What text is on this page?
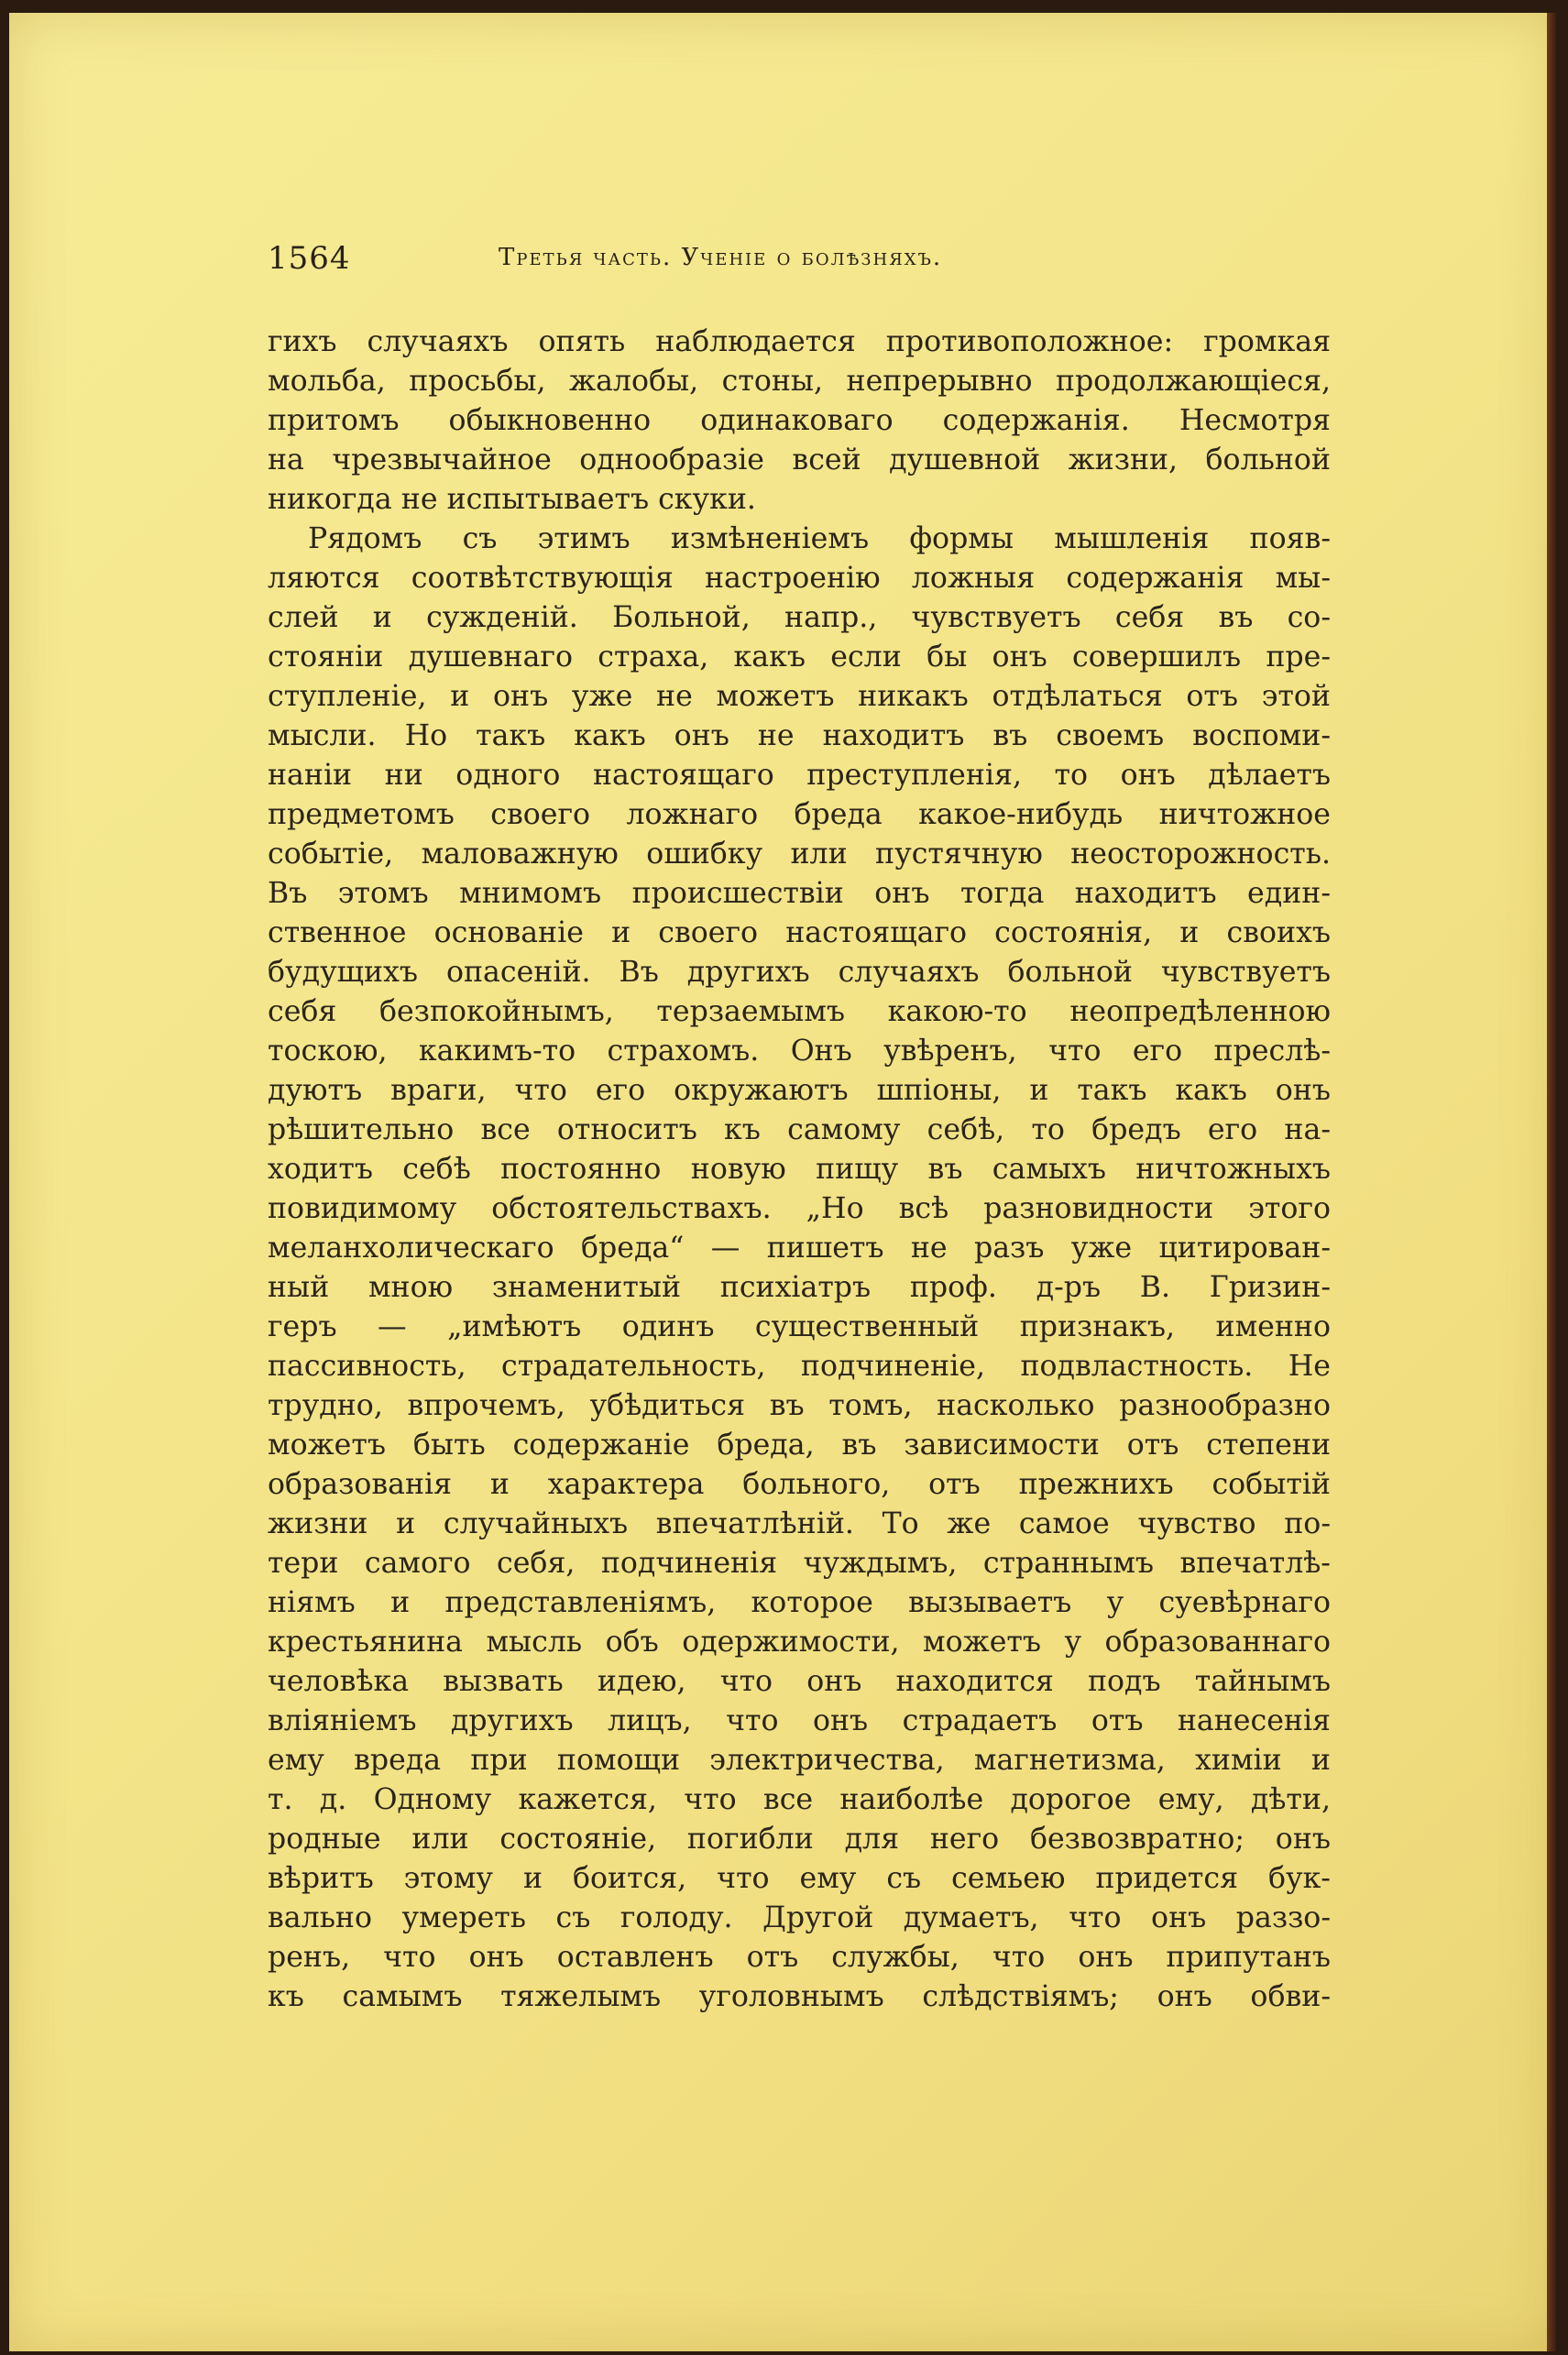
1564	Третья часть. Ученіе о болѣзняхъ.
гихъ случаяхъ опять наблюдается противоположное: громкая
мольба, просьбы, жалобы, стоны, непрерывно продолжающіеся,
притомъ обыкновенно одинаковаго содержанія. Несмотря
на чрезвычайное однообразіе всей душевной жизни, больной
никогда не испытываетъ скуки.
Рядомъ съ этимъ измѣненіемъ формы мышленія появ-
ляются соотвѣтствующія настроенію ложныя содержанія мы-
слей и сужденій. Больной, напр., чувствуетъ себя въ со-
стояніи душевнаго страха, какъ если бы онъ совершилъ пре-
ступленіе, и онъ уже не можетъ никакъ отдѣлаться отъ этой
мысли. Но такъ какъ онъ не находитъ въ своемъ воспоми-
наніи ни одного настоящаго преступленія, то онъ дѣлаетъ
предметомъ своего ложнаго бреда какое-нибудь ничтожное
событіе, маловажную ошибку или пустячную неосторожность.
Въ этомъ мнимомъ происшествіи онъ тогда находитъ един-
ственное основаніе и своего настоящаго состоянія, и своихъ
будущихъ опасеній. Въ другихъ случаяхъ больной чувствуетъ
себя безпокойнымъ, терзаемымъ какою-то неопредѣленною
тоскою, какимъ-то страхомъ. Онъ увѣренъ, что его преслѣ-
дуютъ враги, что его окружаютъ шпіоны, и такъ какъ онъ
рѣшительно все относитъ къ самому себѣ, то бредъ его на-
ходитъ себѣ постоянно новую пищу въ самыхъ ничтожныхъ
повидимому обстоятельствахъ. „Но всѣ разновидности этого
меланхолическаго бреда“ — пишетъ не разъ уже цитирован-
ный мною знаменитый психіатръ проф. д-ръ В. Гризин-
геръ — „имѣютъ одинъ существенный признакъ, именно
пассивность, страдательность, подчиненіе, подвластность. Не
трудно, впрочемъ, убѣдиться въ томъ, насколько разнообразно
можетъ быть содержаніе бреда, въ зависимости отъ степени
образованія и характера больного, отъ прежнихъ событій
жизни и случайныхъ впечатлѣній. То же самое чувство по-
тери самого себя, подчиненія чуждымъ, страннымъ впечатлѣ-
ніямъ и представленіямъ, которое вызываетъ у суевѣрнаго
крестьянина мысль объ одержимости, можетъ у образованнаго
человѣка вызвать идею, что онъ находится подъ тайнымъ
вліяніемъ другихъ лицъ, что онъ страдаетъ отъ нанесенія
ему вреда при помощи электричества, магнетизма, химіи и
т. д. Одному кажется, что все наиболѣе дорогое ему, дѣти,
родные или состояніе, погибли для него безвозвратно; онъ
вѣритъ этому и боится, что ему съ семьею придется бук-
вально умереть съ голоду. Другой думаетъ, что онъ раззо-
ренъ, что онъ оставленъ отъ службы, что онъ припутанъ
къ самымъ тяжелымъ уголовнымъ слѣдствіямъ; онъ обви-
